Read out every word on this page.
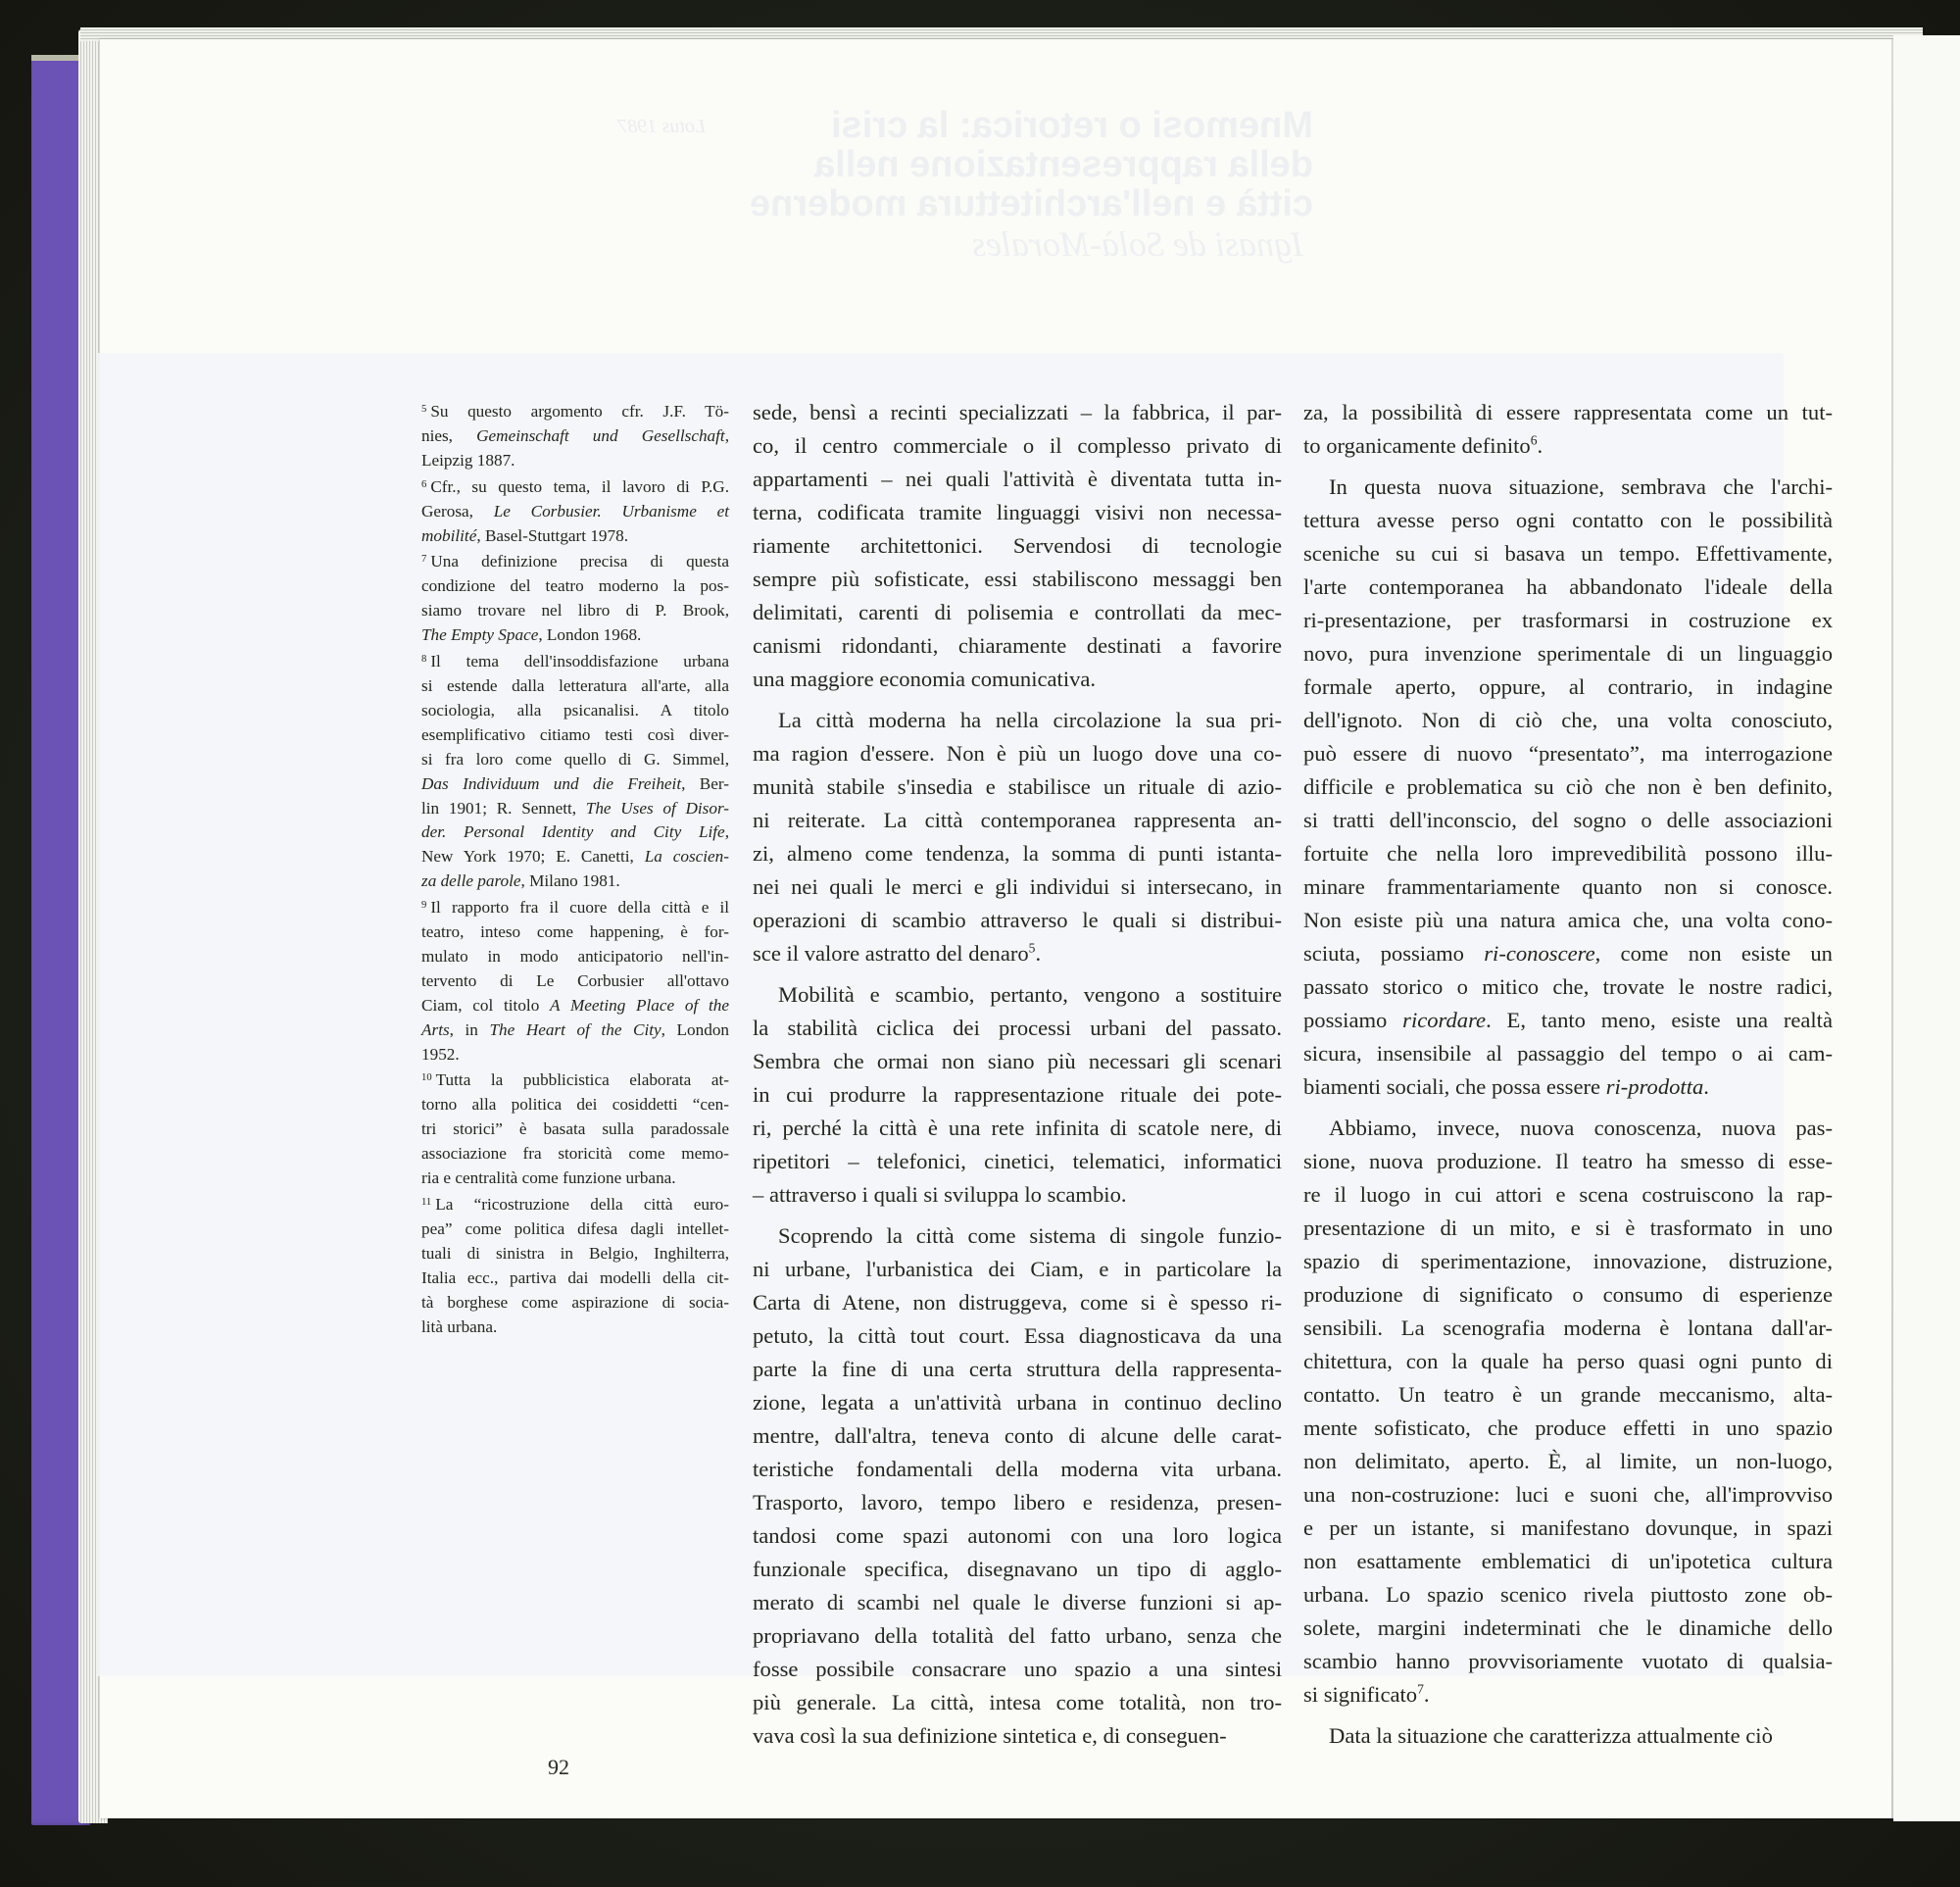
Lotus 1987	Mnemosi o retorica: la crisi
della rappresentazione nella
città e nell'architettura moderne
Ignasi de Solà-Morales
$^5$ Su questo argomento cfr. J.F. Tö-
nies, Gemeinschaft und Gesellschaft,
Leipzig 1887.
$^6$ Cfr., su questo tema, il lavoro di P.G.
Gerosa, Le Corbusier. Urbanisme et
mobilité, Basel-Stuttgart 1978.
$^7$ Una definizione precisa di questa
condizione del teatro moderno la pos-
siamo trovare nel libro di P. Brook,
The Empty Space, London 1968.
$^8$ Il tema dell'insoddisfazione urbana
si estende dalla letteratura all'arte, alla
sociologia, alla psicanalisi. A titolo
esemplificativo citiamo testi così diver-
si fra loro come quello di G. Simmel,
Das Individuum und die Freiheit, Ber-
lin 1901; R. Sennett, The Uses of Disor-
der. Personal Identity and City Life,
New York 1970; E. Canetti, La coscien-
za delle parole, Milano 1981.
$^9$ Il rapporto fra il cuore della città e il
teatro, inteso come happening, è for-
mulato in modo anticipatorio nell'in-
tervento di Le Corbusier all'ottavo
Ciam, col titolo A Meeting Place of the
Arts, in The Heart of the City, London
1952.
$^{10}$ Tutta la pubblicistica elaborata at-
torno alla politica dei cosiddetti “cen-
tri storici” è basata sulla paradossale
associazione fra storicità come memo-
ria e centralità come funzione urbana.
$^{11}$ La “ricostruzione della città euro-
pea” come politica difesa dagli intellet-
tuali di sinistra in Belgio, Inghilterra,
Italia ecc., partiva dai modelli della cit-
tà borghese come aspirazione di socia-
lità urbana.
sede, bensì a recinti specializzati – la fabbrica, il par-
co, il centro commerciale o il complesso privato di
appartamenti – nei quali l'attività è diventata tutta in-
terna, codificata tramite linguaggi visivi non necessa-
riamente architettonici. Servendosi di tecnologie
sempre più sofisticate, essi stabiliscono messaggi ben
delimitati, carenti di polisemia e controllati da mec-
canismi ridondanti, chiaramente destinati a favorire
una maggiore economia comunicativa.
La città moderna ha nella circolazione la sua pri-
ma ragion d'essere. Non è più un luogo dove una co-
munità stabile s'insedia e stabilisce un rituale di azio-
ni reiterate. La città contemporanea rappresenta an-
zi, almeno come tendenza, la somma di punti istanta-
nei nei quali le merci e gli individui si intersecano, in
operazioni di scambio attraverso le quali si distribui-
sce il valore astratto del denaro$^5$.
Mobilità e scambio, pertanto, vengono a sostituire
la stabilità ciclica dei processi urbani del passato.
Sembra che ormai non siano più necessari gli scenari
in cui produrre la rappresentazione rituale dei pote-
ri, perché la città è una rete infinita di scatole nere, di
ripetitori – telefonici, cinetici, telematici, informatici
– attraverso i quali si sviluppa lo scambio.
Scoprendo la città come sistema di singole funzio-
ni urbane, l'urbanistica dei Ciam, e in particolare la
Carta di Atene, non distruggeva, come si è spesso ri-
petuto, la città tout court. Essa diagnosticava da una
parte la fine di una certa struttura della rappresenta-
zione, legata a un'attività urbana in continuo declino
mentre, dall'altra, teneva conto di alcune delle carat-
teristiche fondamentali della moderna vita urbana.
Trasporto, lavoro, tempo libero e residenza, presen-
tandosi come spazi autonomi con una loro logica
funzionale specifica, disegnavano un tipo di agglo-
merato di scambi nel quale le diverse funzioni si ap-
propriavano della totalità del fatto urbano, senza che
fosse possibile consacrare uno spazio a una sintesi
più generale. La città, intesa come totalità, non tro-
vava così la sua definizione sintetica e, di conseguen-
za, la possibilità di essere rappresentata come un tut-
to organicamente definito$^6$.
In questa nuova situazione, sembrava che l'archi-
tettura avesse perso ogni contatto con le possibilità
sceniche su cui si basava un tempo. Effettivamente,
l'arte contemporanea ha abbandonato l'ideale della
ri-presentazione, per trasformarsi in costruzione ex
novo, pura invenzione sperimentale di un linguaggio
formale aperto, oppure, al contrario, in indagine
dell'ignoto. Non di ciò che, una volta conosciuto,
può essere di nuovo “presentato”, ma interrogazione
difficile e problematica su ciò che non è ben definito,
si tratti dell'inconscio, del sogno o delle associazioni
fortuite che nella loro imprevedibilità possono illu-
minare frammentariamente quanto non si conosce.
Non esiste più una natura amica che, una volta cono-
sciuta, possiamo ri-conoscere, come non esiste un
passato storico o mitico che, trovate le nostre radici,
possiamo ricordare. E, tanto meno, esiste una realtà
sicura, insensibile al passaggio del tempo o ai cam-
biamenti sociali, che possa essere ri-prodotta.
Abbiamo, invece, nuova conoscenza, nuova pas-
sione, nuova produzione. Il teatro ha smesso di esse-
re il luogo in cui attori e scena costruiscono la rap-
presentazione di un mito, e si è trasformato in uno
spazio di sperimentazione, innovazione, distruzione,
produzione di significato o consumo di esperienze
sensibili. La scenografia moderna è lontana dall'ar-
chitettura, con la quale ha perso quasi ogni punto di
contatto. Un teatro è un grande meccanismo, alta-
mente sofisticato, che produce effetti in uno spazio
non delimitato, aperto. È, al limite, un non-luogo,
una non-costruzione: luci e suoni che, all'improvviso
e per un istante, si manifestano dovunque, in spazi
non esattamente emblematici di un'ipotetica cultura
urbana. Lo spazio scenico rivela piuttosto zone ob-
solete, margini indeterminati che le dinamiche dello
scambio hanno provvisoriamente vuotato di qualsia-
si significato$^7$.
Data la situazione che caratterizza attualmente ciò
92
